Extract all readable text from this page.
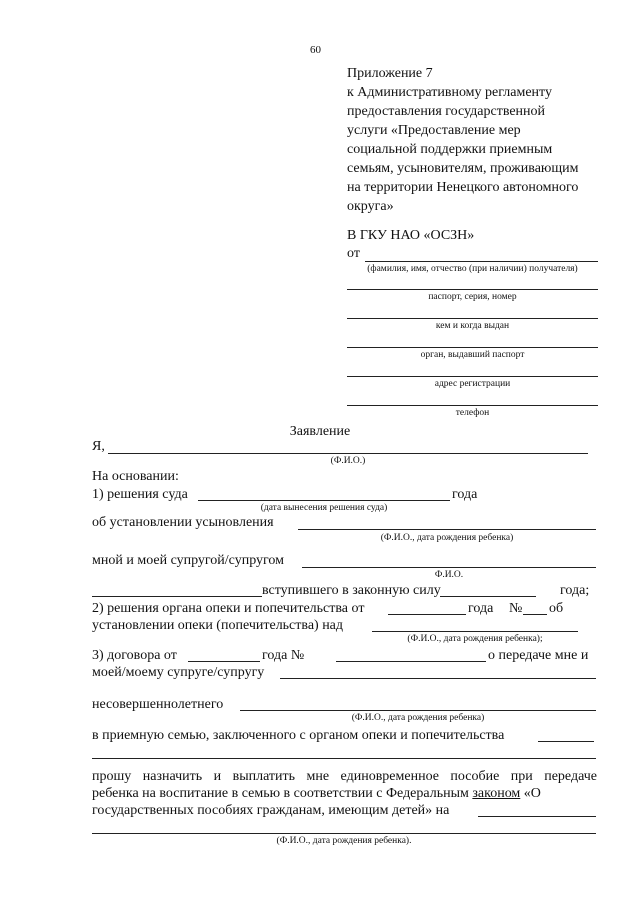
60
Приложение 7
к Административному регламенту
предоставления государственной
услуги «Предоставление мер
социальной поддержки приемным
семьям, усыновителям, проживающим
на территории Ненецкого автономного
округа»
В ГКУ НАО «ОСЗН»
от
(фамилия, имя, отчество (при наличии) получателя)
паспорт, серия, номер
кем и когда выдан
орган, выдавший паспорт
адрес регистрации
телефон
Заявление
Я,
(Ф.И.О.)
На основании:
1) решения суда	года
(дата вынесения решения суда)
об установлении усыновления
(Ф.И.О., дата рождения ребенка)
мной и моей супругой/супругом
Ф.И.О.
вступившего в законную силу	года;
2) решения органа опеки и попечительства от	года № об
установлении опеки (попечительства) над
(Ф.И.О., дата рождения ребенка);
3) договора от	года №	о передаче мне и
моей/моему супруге/супругу
несовершеннолетнего
(Ф.И.О., дата рождения ребенка)
в приемную семью, заключенного с органом опеки и попечительства
прошу назначить и выплатить мне единовременное пособие при передаче
ребенка на воспитание в семью в соответствии с Федеральным законом «О
государственных пособиях гражданам, имеющим детей» на
(Ф.И.О., дата рождения ребенка).
